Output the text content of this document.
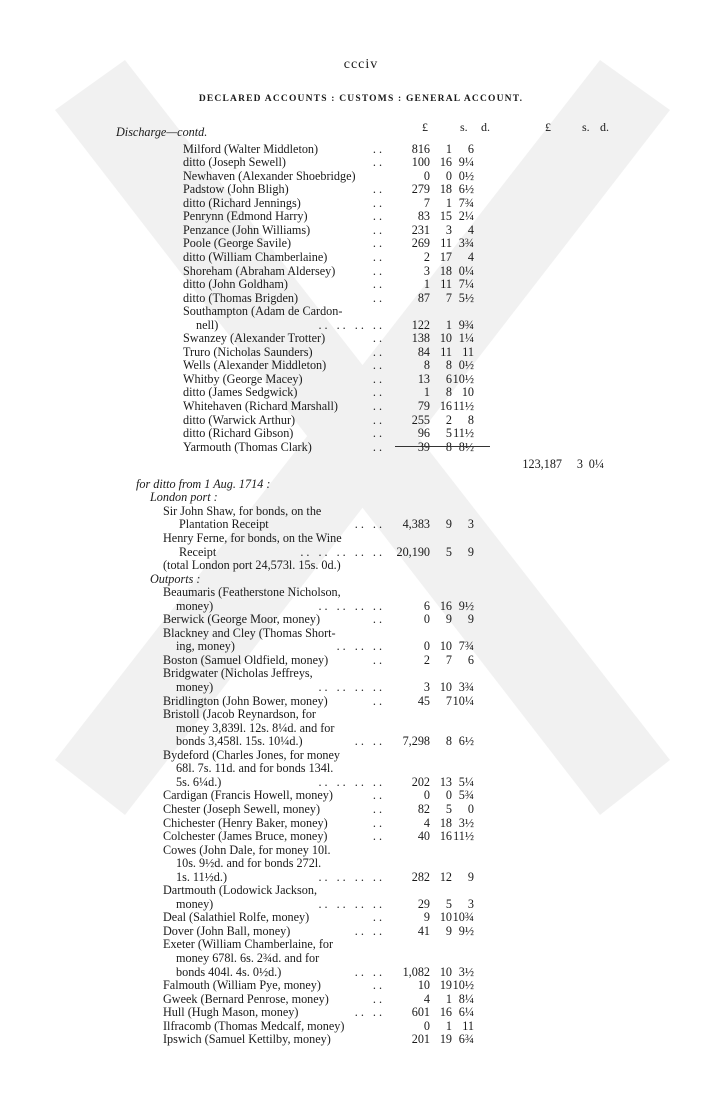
ccciv
DECLARED ACCOUNTS : CUSTOMS : GENERAL ACCOUNT.
£	s. d.	£	s. d.
Discharge—contd.
Milford (Walter Middleton)	.. 816 1 6
ditto (Joseph Sewell)	.. 100 16 9¼
Newhaven (Alexander Shoebridge)	0 0 0½
Padstow (John Bligh)	.. 279 18 6½
ditto (Richard Jennings)	..	7 1 7¾
Penrynn (Edmond Harry)	..	83 15 2¼
Penzance (John Williams)	.. 231 3 4
Poole (George Savile)	.. 269 11 3¾
ditto (William Chamberlaine)	..	2 17 4
Shoreham (Abraham Aldersey)	..	3 18 0¼
ditto (John Goldham)	..	1 11 7¼
ditto (Thomas Brigden)	..	87 7 5½
Southampton (Adam de Cardon-
nell)	.. .. .. .. 122 1 9¾
Swanzey (Alexander Trotter)	.. 138 10 1¼
Truro (Nicholas Saunders)	..	84 11 11
Wells (Alexander Middleton)	..	8 8 0½
Whitby (George Macey)	..	13 6 10½
ditto (James Sedgwick)	..	1 8 10
Whitehaven (Richard Marshall)	..	79 16 11½
ditto (Warwick Arthur)	.. 255 2 8
ditto (Richard Gibson)	..	96 5 11½
Yarmouth (Thomas Clark)	..	39 8 8½
123,187 3 0¼
for ditto from 1 Aug. 1714 :
London port :
Sir John Shaw, for bonds, on the
Plantation Receipt	.. .. 4,383 9 3
Henry Ferne, for bonds, on the Wine
Receipt	.. .. .. .. .. 20,190 5 9
(total London port 24,573l. 15s. 0d.)
Outports :
Beaumaris (Featherstone Nicholson,
money)	.. .. .. ..	6 16 9½
Berwick (George Moor, money)	..	0 9 9
Blackney and Cley (Thomas Short-
ing, money)	.. .. ..	0 10 7¾
Boston (Samuel Oldfield, money)	..	2 7 6
Bridgwater (Nicholas Jeffreys,
money)	.. .. .. ..	3 10 3¾
Bridlington (John Bower, money)	..	45 7 10¼
Bristoll (Jacob Reynardson, for
money 3,839l. 12s. 8¼d. and for
bonds 3,458l. 15s. 10¼d.)	.. .. 7,298 8 6½
Bydeford (Charles Jones, for money
68l. 7s. 11d. and for bonds 134l.
5s. 6¼d.)	.. .. .. .. 202 13 5¼
Cardigan (Francis Howell, money)	..	0 0 5¾
Chester (Joseph Sewell, money)	..	82 5 0
Chichester (Henry Baker, money)	..	4 18 3½
Colchester (James Bruce, money)	..	40 16 11½
Cowes (John Dale, for money 10l.
10s. 9½d. and for bonds 272l.
1s. 11½d.)	.. .. .. .. 282 12 9
Dartmouth (Lodowick Jackson,
money)	.. .. .. ..	29 5 3
Deal (Salathiel Rolfe, money)	..	9 10 10¾
Dover (John Ball, money)	.. ..	41 9 9½
Exeter (William Chamberlaine, for
money 678l. 6s. 2¾d. and for
bonds 404l. 4s. 0½d.)	.. .. 1,082 10 3½
Falmouth (William Pye, money)	..	10 19 10½
Gweek (Bernard Penrose, money)	..	4 1 8¼
Hull (Hugh Mason, money)	.. .. 601 16 6¼
Ilfracomb (Thomas Medcalf, money)	0 1 11
Ipswich (Samuel Kettilby, money)	201 19 6¾
